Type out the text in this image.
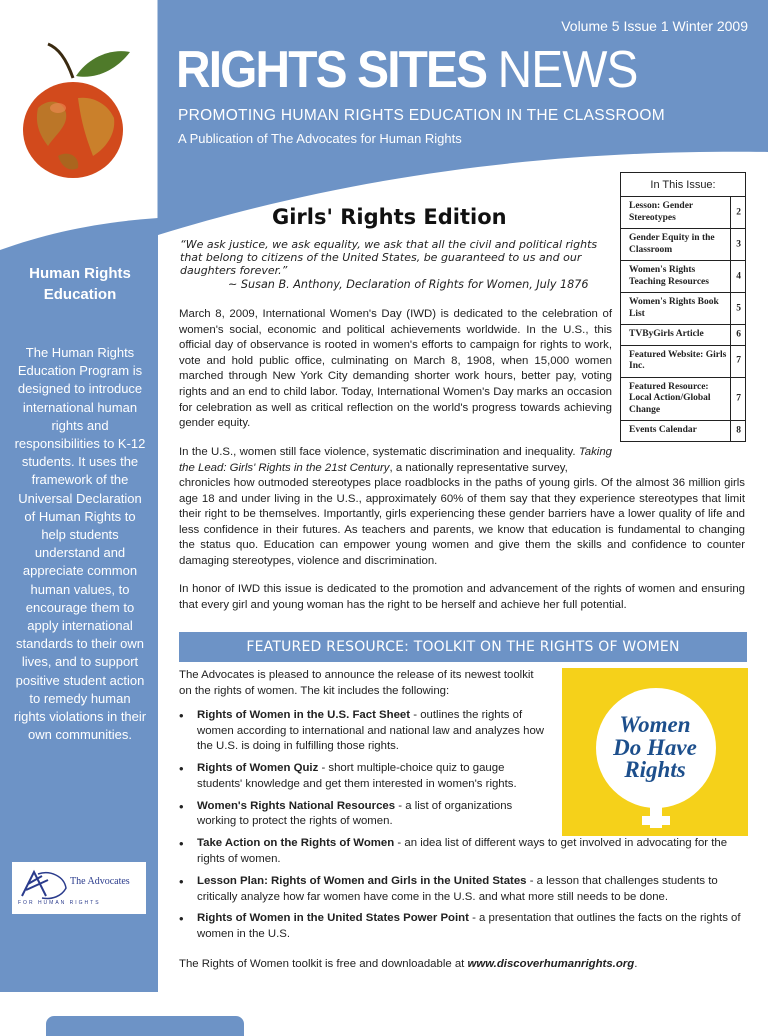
Volume 5 Issue 1 Winter 2009
RIGHTS SITES NEWS
PROMOTING HUMAN RIGHTS EDUCATION IN THE CLASSROOM
A Publication of The Advocates for Human Rights
Human Rights Education
The Human Rights Education Program is designed to introduce international human rights and responsibilities to K-12 students. It uses the framework of the Universal Declaration of Human Rights to help students understand and appreciate common human values, to encourage them to apply international standards to their own lives, and to support positive student action to remedy human rights violations in their own communities.
The Advocates
FOR HUMAN RIGHTS
In This Issue:
Lesson: Gender Stereotypes
2
Gender Equity in the Classroom
3
Women's Rights Teaching Resources
4
Women's Rights Book List
5
TVByGirls Article	6
Featured Website: Girls Inc.
7
Featured Resource: Local Action/Global Change
7
Events Calendar	8
Girls' Rights Edition
“We ask justice, we ask equality, we ask that all the civil and political rights that belong to citizens of the United States, be guaranteed to us and our daughters forever.”
~ Susan B. Anthony, Declaration of Rights for Women, July 1876
March 8, 2009, International Women's Day (IWD) is dedicated to the celebration of women's social, economic and political achievements worldwide. In the U.S., this official day of observance is rooted in women's efforts to campaign for rights to work, vote and hold public office, culminating on March 8, 1908, when 15,000 women marched through New York City demanding shorter work hours, better pay, voting rights and an end to child labor. Today, International Women's Day marks an occasion for celebration as well as critical reflection on the world's progress towards achieving gender equity.
In the U.S., women still face violence, systematic discrimination and inequality. Taking the Lead: Girls' Rights in the 21st Century, a nationally representative survey,
chronicles how outmoded stereotypes place roadblocks in the paths of young girls. Of the almost 36 million girls age 18 and under living in the U.S., approximately 60% of them say that they experience stereotypes that limit their right to be themselves. Importantly, girls experiencing these gender barriers have a lower quality of life and less confidence in their futures. As teachers and parents, we know that education is fundamental to changing the status quo. Education can empower young women and give them the skills and confidence to counter damaging stereotypes, violence and discrimination.
In honor of IWD this issue is dedicated to the promotion and advancement of the rights of women and ensuring that every girl and young woman has the right to be herself and achieve her full potential.
FEATURED RESOURCE: TOOLKIT ON THE RIGHTS OF WOMEN
The Advocates is pleased to announce the release of its newest toolkit on the rights of women. The kit includes the following:
• Rights of Women in the U.S. Fact Sheet - outlines the rights of women according to international and national law and analyzes how the U.S. is doing in fulfilling those rights.
• Rights of Women Quiz - short multiple-choice quiz to gauge students' knowledge and get them interested in women's rights.
• Women's Rights National Resources - a list of organizations working to protect the rights of women.
• Take Action on the Rights of Women - an idea list of different ways to get involved in advocating for the rights of women.
• Lesson Plan: Rights of Women and Girls in the United States - a lesson that challenges students to critically analyze how far women have come in the U.S. and what more still needs to be done.
• Rights of Women in the United States Power Point - a presentation that outlines the facts on the rights of women in the U.S.
The Rights of Women toolkit is free and downloadable at www.discoverhumanrights.org.
Women
Do Have
Rights
